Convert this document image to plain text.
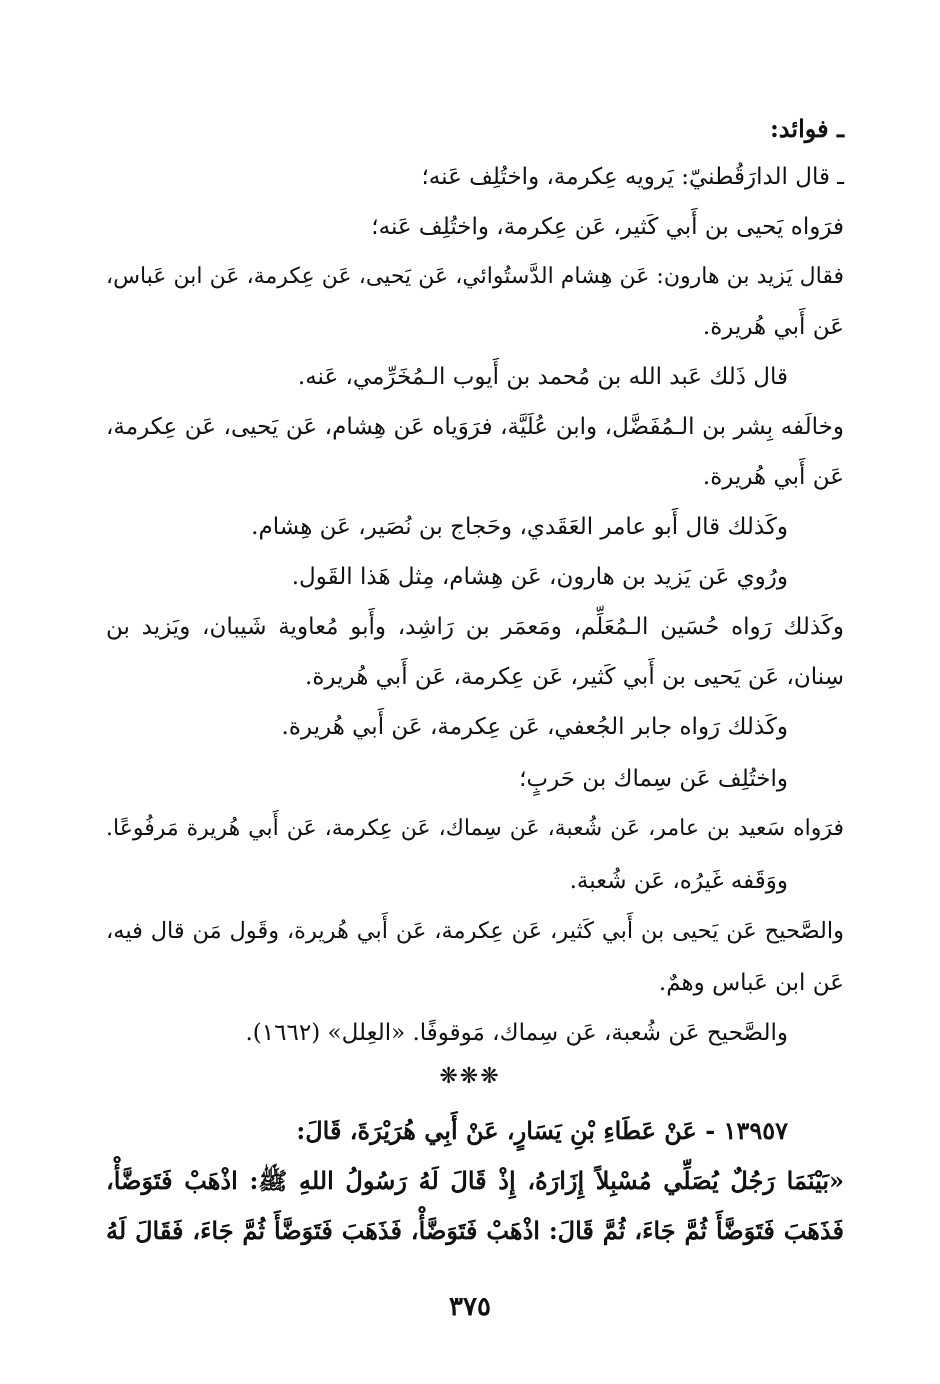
ـ فوائد:
ـ قال الدارَقُطنيّ: يَرويه عِكرمة، واختُلِف عَنه؛
فرَواه يَحيى بن أَبي كَثير، عَن عِكرمة، واختُلِف عَنه؛
فقال يَزيد بن هارون: عَن هِشام الدَّستُوائي، عَن يَحيى، عَن عِكرمة، عَن ابن عَباس،
عَن أَبي هُريرة.
قال ذَلك عَبد الله بن مُحمد بن أَيوب الـمُخَرِّمي، عَنه.
وخالَفه بِشر بن الـمُفَضَّل، وابن عُلَيَّة، فرَوَياه عَن هِشام، عَن يَحيى، عَن عِكرمة،
عَن أَبي هُريرة.
وكَذلك قال أَبو عامر العَقَدي، وحَجاج بن نُصَير، عَن هِشام.
ورُوي عَن يَزيد بن هارون، عَن هِشام، مِثل هَذا القَول.
وكَذلك رَواه حُسَين الـمُعَلِّم، ومَعمَر بن رَاشِد، وأَبو مُعاوية شَيبان، ويَزيد بن
سِنان، عَن يَحيى بن أَبي كَثير، عَن عِكرمة، عَن أَبي هُريرة.
وكَذلك رَواه جابر الجُعفي، عَن عِكرمة، عَن أَبي هُريرة.
واختُلِف عَن سِماك بن حَربٍ؛
فرَواه سَعيد بن عامر، عَن شُعبة، عَن سِماك، عَن عِكرمة، عَن أَبي هُريرة مَرفُوعًا.
ووَقَفه غَيرُه، عَن شُعبة.
والصَّحيح عَن يَحيى بن أَبي كَثير، عَن عِكرمة، عَن أَبي هُريرة، وقَول مَن قال فيه،
عَن ابن عَباس وهمٌ.
والصَّحيح عَن شُعبة، عَن سِماك، مَوقوفًا. «العِلل» (١٦٦٢).
❋❋❋
١٣٩٥٧ - عَنْ عَطَاءِ بْنِ يَسَارٍ، عَنْ أَبِي هُرَيْرَةَ، قَالَ:
«بَيْنَمَا رَجُلٌ يُصَلِّي مُسْبِلاً إِزَارَهُ، إِذْ قَالَ لَهُ رَسُولُ اللهِ ﷺ: اذْهَبْ فَتَوَضَّأْ،
فَذَهَبَ فَتَوَضَّأَ ثُمَّ جَاءَ، ثُمَّ قَالَ: اذْهَبْ فَتَوَضَّأْ، فَذَهَبَ فَتَوَضَّأَ ثُمَّ جَاءَ، فَقَالَ لَهُ
٣٧٥
